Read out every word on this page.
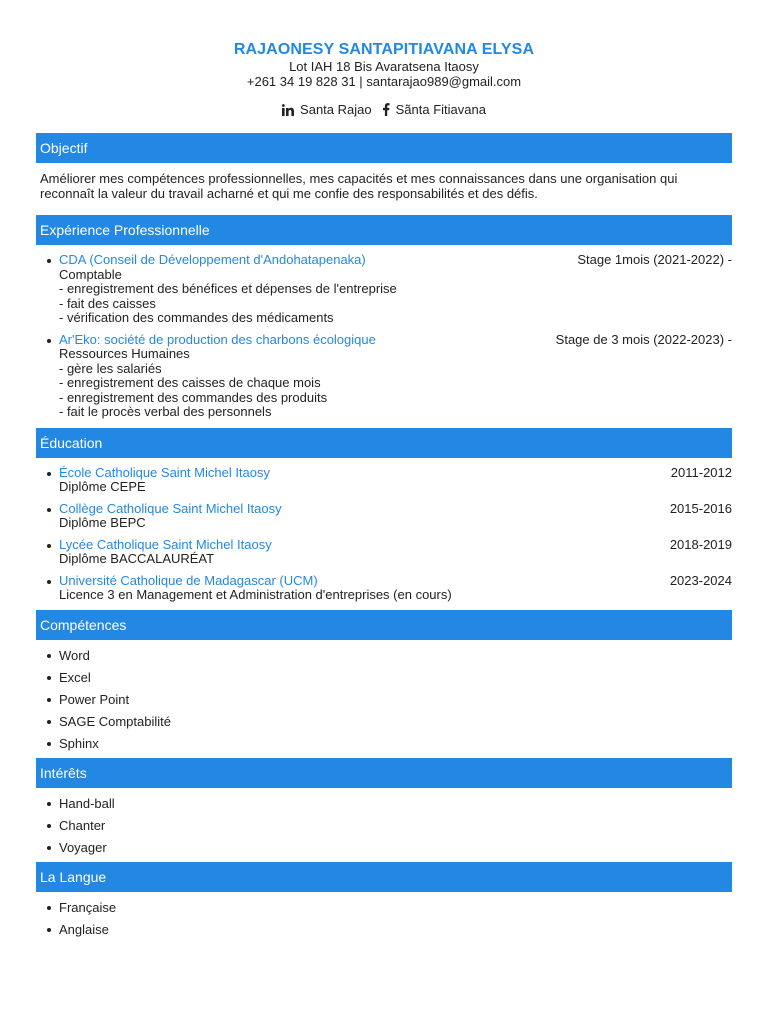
RAJAONESY SANTAPITIAVANA ELYSA
Lot IAH 18 Bis Avaratsena Itaosy
+261 34 19 828 31 | santarajao989@gmail.com
Santa Rajao Sãnta Fitiavana
Objectif
Améliorer mes compétences professionnelles, mes capacités et mes connaissances dans une organisation qui reconnaît la valeur du travail acharné et qui me confie des responsabilités et des défis.
Expérience Professionnelle
CDA (Conseil de Développement d'Andohatapenaka)	Stage 1mois (2021-2022) -
Comptable
- enregistrement des bénéfices et dépenses de l'entreprise
- fait des caisses
- vérification des commandes des médicaments
Ar'Eko: société de production des charbons écologique	Stage de 3 mois (2022-2023) -
Ressources Humaines
- gère les salariés
- enregistrement des caisses de chaque mois
- enregistrement des commandes des produits
- fait le procès verbal des personnels
Éducation
École Catholique Saint Michel Itaosy	2011-2012
Diplôme CEPE
Collège Catholique Saint Michel Itaosy	2015-2016
Diplôme BEPC
Lycée Catholique Saint Michel Itaosy	2018-2019
Diplôme BACCALAURÉAT
Université Catholique de Madagascar (UCM)	2023-2024
Licence 3 en Management et Administration d'entreprises (en cours)
Compétences
Word
Excel
Power Point
SAGE Comptabilité
Sphinx
Intérêts
Hand-ball
Chanter
Voyager
La Langue
Française
Anglaise
